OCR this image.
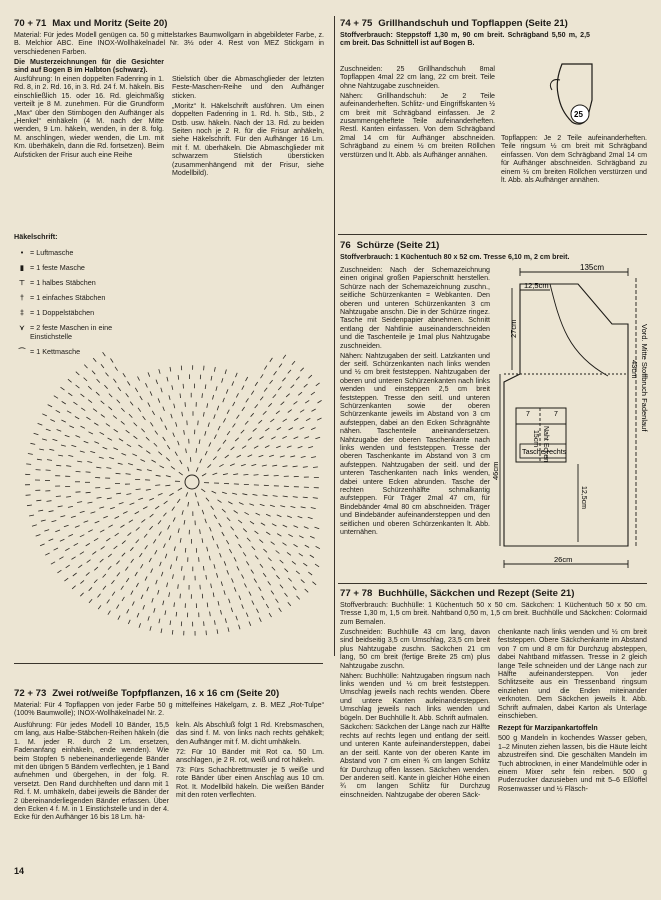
70 + 71 Max und Moritz (Seite 20)

Material: Für jedes Modell genügen ca. 50 g mittelstarkes Baumwollgarn in abgebildeter Farbe, z. B. Melchior ABC. Eine INOX-Wollhäkelnadel Nr. 3½ oder 4. Rest von MEZ Stickgarn in verschiedenen Farben.

Die Musterzeichnungen für die Gesichter sind auf Bogen B im Halbton (schwarz).

Ausführung: In einen doppelten Fadenring in 1. Rd. 8, in 2. Rd. 16, in 3. Rd. 24 f. M. häkeln. Bis einschließlich 15. oder 16. Rd. gleichmäßig verteilt je 8 M. zunehmen. Für die Grundform „Max“ über den Stirnbogen den Aufhänger als „Henkel“ einhäkeln (4 M. nach der Mitte wenden, 9 Lm. häkeln, wenden, in der 8. folg. M. anschlingen, wieder wenden, die Lm. mit Km. überhäkeln, dann die Rd. fortsetzen). Beim Aufsticken der Frisur auch eine Reihe

Stielstich über die Abmaschglieder der letzten Feste-Maschen-Reihe und den Aufhänger sticken.

„Moritz“ lt. Häkelschrift ausführen. Um einen doppelten Fadenring in 1. Rd. h. Stb., Stb., 2 Dstb. usw. häkeln. Nach der 13. Rd. zu beiden Seiten noch je 2 R. für die Frisur anhäkeln, siehe Häkelschrift. Für den Aufhänger 16 Lm. mit f. M. überhäkeln. Die Abmaschglieder mit schwarzem Stielstich übersticken (zusammenhängend mit der Frisur, siehe Modellbild).

Häkelschrift:
• = Luftmasche
▮ = 1 feste Masche
⊤ = 1 halbes Stäbchen
† = 1 einfaches Stäbchen
‡ = 1 Doppelstäbchen
⋎ = 2 feste Maschen in eine Einstichstelle
⌒ = 1 Kettmasche
72 + 73 Zwei rot/weiße Topfpflanzen, 16 x 16 cm (Seite 20)

Material: Für 4 Topflappen von jeder Farbe 50 g mittelfeines Häkelgarn, z. B. MEZ „Rot-Tulpe“ (100% Baumwolle); INOX-Wollhäkelnadel Nr. 2.

Ausführung: Für jedes Modell 10 Bänder, 15,5 cm lang, aus Halbe-Stäbchen-Reihen häkeln (die 1. M. jeder R. durch 2 Lm. ersetzen, Fadenanfang einhäkeln, ende wenden). Wie beim Stopfen 5 nebeneinanderliegende Bänder mit den übrigen 5 Bändern verflechten, je 1 Band aufnehmen und übergehen, in der folg. R. versetzt. Den Rand durchheften und dann mit 1 Rd. f. M. umhäkeln, dabei jeweils die Bänder der 2 übereinanderliegenden Bänder erfassen. Über den Ecken 4 f. M. in 1 Einstichstelle und in der 4. Ecke für den Aufhänger 16 bis 18 Lm. hä-

keln. Als Abschluß folgt 1 Rd. Krebsmaschen, das sind f. M. von links nach rechts gehäkelt; den Aufhänger mit f. M. dicht umhäkeln.

72: Für 10 Bänder mit Rot ca. 50 Lm. anschlagen, je 2 R. rot, weiß und rot häkeln.

73: Fürs Schachbrettmuster je 5 weiße und rote Bänder über einen Anschlag aus 10 cm. Rot. It. Modellbild häkeln. Die weißen Bänder mit den roten verflechten.

74 + 75 Grillhandschuh und Topflappen (Seite 21)

Stoffverbrauch: Steppstoff 1,30 m, 90 cm breit. Schrägband 5,50 m, 2,5 cm breit. Das Schnittell ist auf Bogen B.

Zuschneiden: 25 Grillhandschuh 8mal Topflappen 4mal 22 cm lang, 22 cm breit. Teile ohne Nahtzugabe zuschneiden.

Nähen: Grillhandschuh: Je 2 Teile aufeinanderheften. Schlitz- und Eingriffskanten ½ cm breit mit Schrägband einfassen. Je 2 zusammengeheftete Teile aufeinanderheften. Restl. Kanten einfassen. Von dem Schrägband 2mal 14 cm für Aufhänger abschneiden. Schrägband zu einem ½ cm breiten Röllchen verstürzen und lt. Abb. als Aufhänger annähen.

25

Topflappen: Je 2 Teile aufeinanderheften. Teile ringsum ½ cm breit mit Schrägband einfassen. Von dem Schrägband 2mal 14 cm für Aufhänger abschneiden. Schrägband zu einem ½ cm breiten Röllchen verstürzen und lt. Abb. als Aufhänger annähen.

76 Schürze (Seite 21)

Stoffverbrauch: 1 Küchentuch 80 x 52 cm. Tresse 6,10 m, 2 cm breit.

Zuschneiden: Nach der Schemazeichnung einen original großen Papierschnitt herstellen. Schürze nach der Schemazeichnung zuschn., seitliche Schürzenkanten = Webkanten. Den oberen und unteren Schürzenkanten 3 cm Nahtzugabe anschn. Die in der Schürze ringez. Tasche mit Seidenpapier abnehmen. Schnitt entlang der Nahtlinie auseinanderschneiden und die Taschenteile je 1mal plus Nahtzugabe zuschneiden.

Nähen: Nahtzugaben der seitl. Latzkanten und der seitl. Schürzenkanten nach links wenden und ½ cm breit feststeppen. Nahtzugaben der oberen und unteren Schürzenkanten nach links wenden und einsteppen 2,5 cm breit feststeppen. Tresse den seitl. und unteren Schürzenkanten sowie der oberen Schürzenkante jeweils im Abstand von 3 cm aufsteppen, dabei an den Ecken Schrägnähte nähen. Taschenteile aneinandersetzen. Nahtzugabe der oberen Taschenkante nach links wenden und feststeppen. Tresse der oberen Taschenkante im Abstand von 3 cm aufsteppen. Nahtzugaben der seitl. und der unteren Taschenkanten nach links wenden, dabei untere Ecken abrunden. Tasche der rechten Schürzenhälfte schmalkantig aufsteppen. Für Träger 2mal 47 cm, für Bindebänder 4mal 80 cm abschneiden. Träger und Bindebänder aufeinandersteppen und den seitlichen und oberen Schürzenkanten lt. Abb. unternähen.

135cm
12,5cm
27cm
46cm
Vord. Mitte Stoffbruch Fadenlauf
43cm
7	7
15cm Naht Ecken
Tasche rechts
12,5cm
26cm
77 + 78 Buchhülle, Säckchen und Rezept (Seite 21)

Stoffverbrauch: Buchhülle: 1 Küchentuch 50 x 50 cm. Säckchen: 1 Küchentuch 50 x 50 cm. Tresse 1,30 m, 1,5 cm breit. Nahtband 0,50 m, 1,5 cm breit. Buchhülle und Säckchen: Colormaid zum Bemalen.

Zuschneiden: Buchhülle 43 cm lang, davon sind beidseitig 3,5 cm Umschlag, 23,5 cm breit plus Nahtzugabe zuschn. Säckchen 21 cm lang, 50 cm breit (fertige Breite 25 cm) plus Nahtzugabe zuschn.

Nähen: Buchhülle: Nahtzugaben ringsum nach links wenden und ½ cm breit feststeppen. Umschlag jeweils nach rechts wenden. Obere und untere Kanten aufeinandersteppen. Umschlag jeweils nach links wenden und bügeln. Der Buchhülle lt. Abb. Schrift aufmalen.

Säckchen: Säckchen der Länge nach zur Hälfte rechts auf rechts legen und entlang der seitl. und unteren Kante aufeinandersteppen, dabei an der seitl. Kante von der oberen Kante im Abstand von 7 cm einen ¾ cm langen Schlitz für Durchzug offen lassen. Säckchen wenden. Der anderen seitl. Kante in gleicher Höhe einen ¾ cm langen Schlitz für Durchzug einschneiden. Nahtzugabe der oberen Säck-

chenkante nach links wenden und ½ cm breit feststeppen. Obere Säckchenkante im Abstand von 7 cm und 8 cm für Durchzug absteppen, dabei Nahtband mitfassen. Tresse in 2 gleich lange Teile schneiden und der Länge nach zur Hälfte aufeinandersteppen. Von jeder Schlitzseite aus ein Tressenband ringsum einziehen und die Enden miteinander verknoten. Dem Säckchen jeweils lt. Abb. Schrift aufmalen, dabei Karton als Unterlage einschieben.

Rezept für Marzipankartoffeln

500 g Mandeln in kochendes Wasser geben, 1–2 Minuten ziehen lassen, bis die Häute leicht abzustreifen sind. Die geschälten Mandeln im Tuch abtrocknen, in einer Mandelmühle oder in einem Mixer sehr fein reiben. 500 g Puderzucker dazusieben und mit 5–6 Eßlöffel Rosenwasser und ½ Fläsch-

14
